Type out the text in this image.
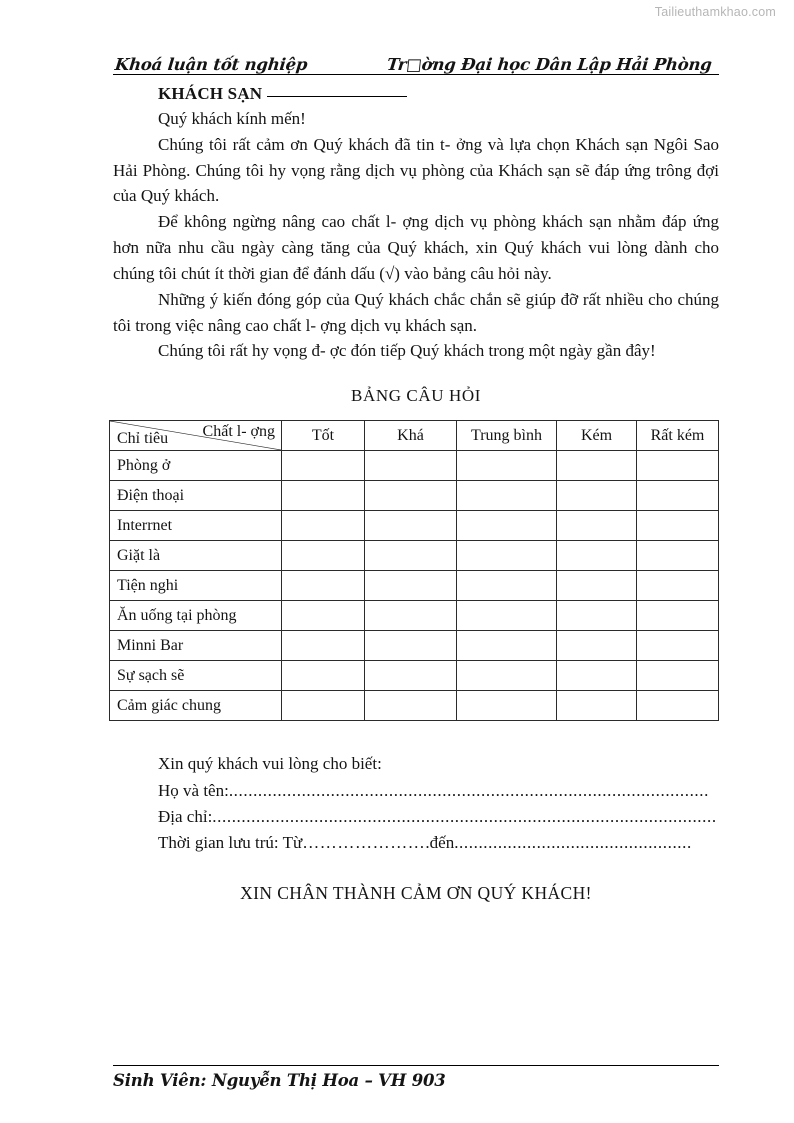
Tailieuthamkhao.com
Khoá luận tốt nghiệp	Tr□ờng Đại học Dân Lập Hải Phòng
KHÁCH SẠN

Quý khách kính mến!

Chúng tôi rất cảm ơn Quý khách đã tin t- ởng và lựa chọn Khách sạn Ngôi Sao Hải Phòng. Chúng tôi hy vọng rằng dịch vụ phòng của Khách sạn sẽ đáp ứng trông đợi của Quý khách.

Để không ngừng nâng cao chất l- ợng dịch vụ phòng khách sạn nhằm đáp ứng hơn nữa nhu cầu ngày càng tăng của Quý khách, xin Quý khách vui lòng dành cho chúng tôi chút ít thời gian để đánh dấu (√) vào bảng câu hỏi này.

Những ý kiến đóng góp của Quý khách chắc chắn sẽ giúp đỡ rất nhiều cho chúng tôi trong việc nâng cao chất l- ợng dịch vụ khách sạn.

Chúng tôi rất hy vọng đ- ợc đón tiếp Quý khách trong một ngày gần đây!

BẢNG CÂU HỎI
Chất l- ợng
Chỉ tiêu	Tốt	Khá	Trung bình	Kém	Rất kém
Phòng ở					
Điện thoại					
Interrnet					
Giặt là					
Tiện nghi					
Ăn uống tại phòng					
Minni Bar					
Sự sạch sẽ					
Cảm giác chung					
Xin quý khách vui lòng cho biết:
Họ và tên:...................................................................................................
Địa chỉ:........................................................................................................
Thời gian lưu trú: Từ………………….đến.................................................
XIN CHÂN THÀNH CẢM ƠN QUÝ KHÁCH!
Sinh Viên: Nguyễn Thị Hoa – VH 903
